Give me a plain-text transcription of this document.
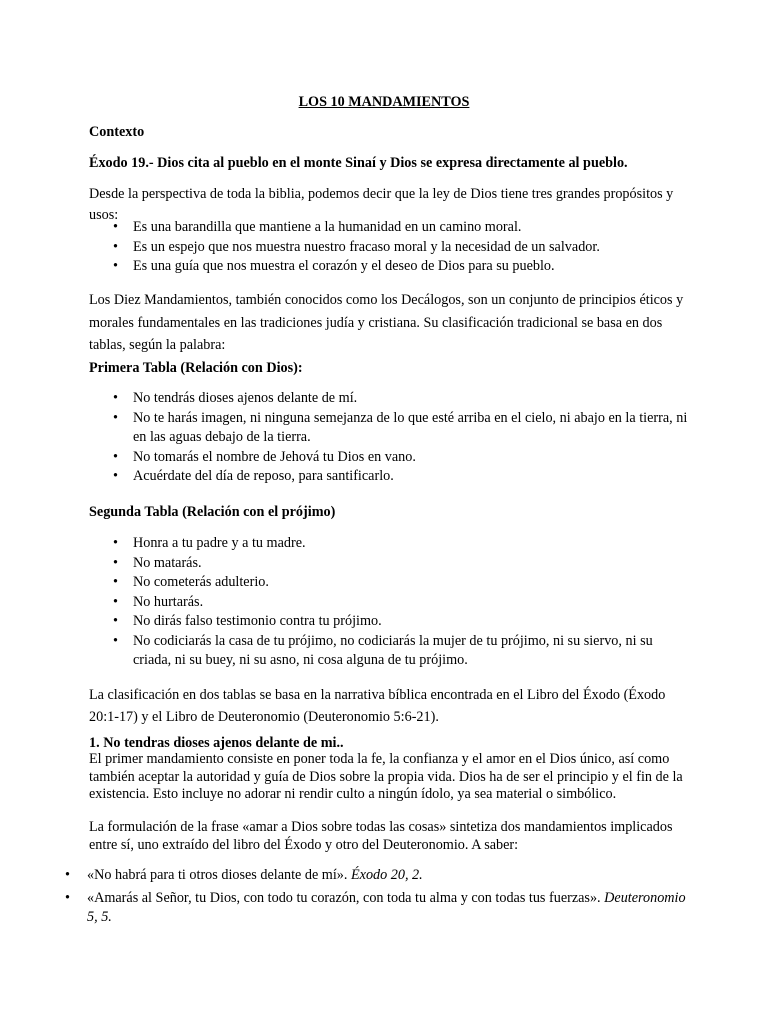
LOS 10 MANDAMIENTOS

Contexto

Éxodo 19.- Dios cita al pueblo en el monte Sinaí y Dios se expresa directamente al pueblo.

Desde la perspectiva de toda la biblia, podemos decir que la ley de Dios tiene tres grandes propósitos y usos:

• Es una barandilla que mantiene a la humanidad en un camino moral.
• Es un espejo que nos muestra nuestro fracaso moral y la necesidad de un salvador.
• Es una guía que nos muestra el corazón y el deseo de Dios para su pueblo.

Los Diez Mandamientos, también conocidos como los Decálogos, son un conjunto de principios éticos y morales fundamentales en las tradiciones judía y cristiana. Su clasificación tradicional se basa en dos tablas, según la palabra:

Primera Tabla (Relación con Dios):

• No tendrás dioses ajenos delante de mí.
• No te harás imagen, ni ninguna semejanza de lo que esté arriba en el cielo, ni abajo en la tierra, ni en las aguas debajo de la tierra.
• No tomarás el nombre de Jehová tu Dios en vano.
• Acuérdate del día de reposo, para santificarlo.

Segunda Tabla (Relación con el prójimo)

• Honra a tu padre y a tu madre.
• No matarás.
• No cometerás adulterio.
• No hurtarás.
• No dirás falso testimonio contra tu prójimo.
• No codiciarás la casa de tu prójimo, no codiciarás la mujer de tu prójimo, ni su siervo, ni su criada, ni su buey, ni su asno, ni cosa alguna de tu prójimo.

La clasificación en dos tablas se basa en la narrativa bíblica encontrada en el Libro del Éxodo (Éxodo 20:1-17) y el Libro de Deuteronomio (Deuteronomio 5:6-21).

1. No tendras dioses ajenos delante de mi..

El primer mandamiento consiste en poner toda la fe, la confianza y el amor en el Dios único, así como también aceptar la autoridad y guía de Dios sobre la propia vida. Dios ha de ser el principio y el fin de la existencia. Esto incluye no adorar ni rendir culto a ningún ídolo, ya sea material o simbólico.

La formulación de la frase «amar a Dios sobre todas las cosas» sintetiza dos mandamientos implicados entre sí, uno extraído del libro del Éxodo y otro del Deuteronomio. A saber:

• «No habrá para ti otros dioses delante de mí». Éxodo 20, 2.
• «Amarás al Señor, tu Dios, con todo tu corazón, con toda tu alma y con todas tus fuerzas». Deuteronomio 5, 5.
